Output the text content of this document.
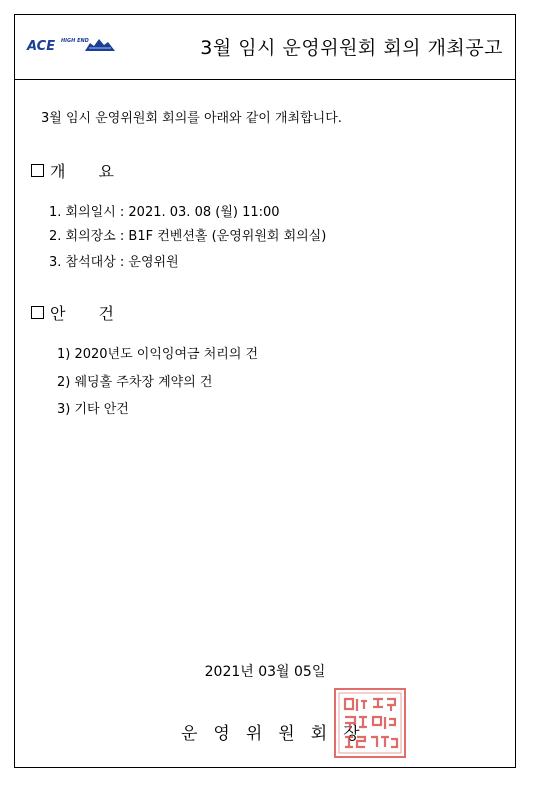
ACE HIGH END	3월 임시 운영위원회 회의 개최공고
3월 임시 운영위원회 회의를 아래와 같이 개최합니다.
개 요
1. 회의일시 : 2021. 03. 08 (월) 11:00
2. 회의장소 : B1F 컨벤션홀 (운영위원회 회의실)
3. 참석대상 : 운영위원
안 건
1) 2020년도 이익잉여금 처리의 건
2) 웨딩홀 주차장 계약의 건
3) 기타 안건
2021년 03월 05일
운영위원회장
